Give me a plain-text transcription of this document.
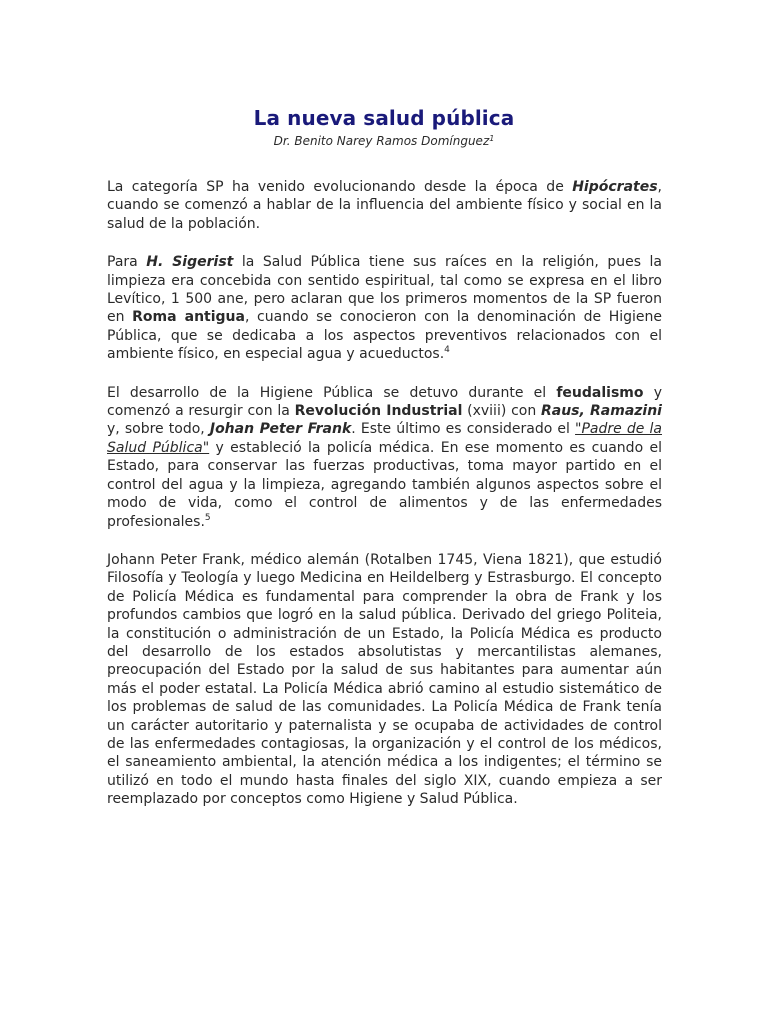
La nueva salud pública
Dr. Benito Narey Ramos Domínguez$^1$

La categoría SP ha venido evolucionando desde la época de Hipócrates, cuando se comenzó a hablar de la influencia del ambiente físico y social en la salud de la población.

Para H. Sigerist la Salud Pública tiene sus raíces en la religión, pues la limpieza era concebida con sentido espiritual, tal como se expresa en el libro Levítico, 1 500 ane, pero aclaran que los primeros momentos de la SP fueron en Roma antigua, cuando se conocieron con la denominación de Higiene Pública, que se dedicaba a los aspectos preventivos relacionados con el ambiente físico, en especial agua y acueductos.$^4$

El desarrollo de la Higiene Pública se detuvo durante el feudalismo y comenzó a resurgir con la Revolución Industrial (xviii) con Raus, Ramazini y, sobre todo, Johan Peter Frank. Este último es considerado el "Padre de la Salud Pública" y estableció la policía médica. En ese momento es cuando el Estado, para conservar las fuerzas productivas, toma mayor partido en el control del agua y la limpieza, agregando también algunos aspectos sobre el modo de vida, como el control de alimentos y de las enfermedades profesionales.$^5$

Johann Peter Frank, médico alemán (Rotalben 1745, Viena 1821), que estudió Filosofía y Teología y luego Medicina en Heildelberg y Estrasburgo. El concepto de Policía Médica es fundamental para comprender la obra de Frank y los profundos cambios que logró en la salud pública. Derivado del griego Politeia, la constitución o administración de un Estado, la Policía Médica es producto del desarrollo de los estados absolutistas y mercantilistas alemanes, preocupación del Estado por la salud de sus habitantes para aumentar aún más el poder estatal. La Policía Médica abrió camino al estudio sistemático de los problemas de salud de las comunidades. La Policía Médica de Frank tenía un carácter autoritario y paternalista y se ocupaba de actividades de control de las enfermedades contagiosas, la organización y el control de los médicos, el saneamiento ambiental, la atención médica a los indigentes; el término se utilizó en todo el mundo hasta finales del siglo XIX, cuando empieza a ser reemplazado por conceptos como Higiene y Salud Pública.
